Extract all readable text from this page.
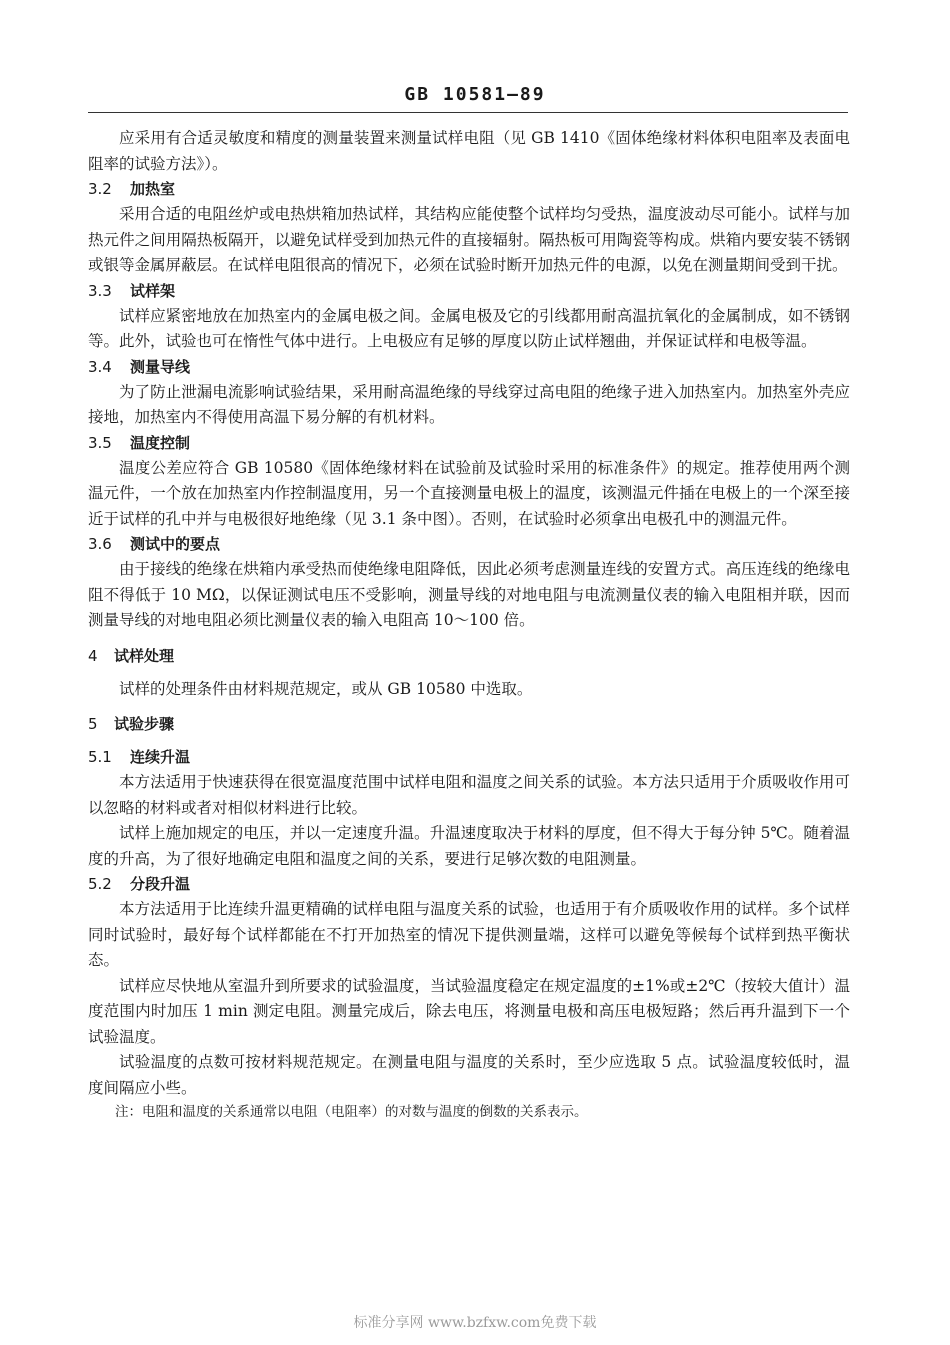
GB 10581—89

应采用有合适灵敏度和精度的测量装置来测量试样电阻（见 GB 1410《固体绝缘材料体积电阻率及表面电阻率的试验方法》）。

3.2 加热室

采用合适的电阻丝炉或电热烘箱加热试样，其结构应能使整个试样均匀受热，温度波动尽可能小。试样与加热元件之间用隔热板隔开，以避免试样受到加热元件的直接辐射。隔热板可用陶瓷等构成。烘箱内要安装不锈钢或银等金属屏蔽层。在试样电阻很高的情况下，必须在试验时断开加热元件的电源，以免在测量期间受到干扰。

3.3 试样架

试样应紧密地放在加热室内的金属电极之间。金属电极及它的引线都用耐高温抗氧化的金属制成，如不锈钢等。此外，试验也可在惰性气体中进行。上电极应有足够的厚度以防止试样翘曲，并保证试样和电极等温。

3.4 测量导线

为了防止泄漏电流影响试验结果，采用耐高温绝缘的导线穿过高电阻的绝缘子进入加热室内。加热室外壳应接地，加热室内不得使用高温下易分解的有机材料。

3.5 温度控制

温度公差应符合 GB 10580《固体绝缘材料在试验前及试验时采用的标准条件》的规定。推荐使用两个测温元件，一个放在加热室内作控制温度用，另一个直接测量电极上的温度，该测温元件插在电极上的一个深至接近于试样的孔中并与电极很好地绝缘（见 3.1 条中图）。否则，在试验时必须拿出电极孔中的测温元件。

3.6 测试中的要点

由于接线的绝缘在烘箱内承受热而使绝缘电阻降低，因此必须考虑测量连线的安置方式。高压连线的绝缘电阻不得低于 10 MΩ，以保证测试电压不受影响，测量导线的对地电阻与电流测量仪表的输入电阻相并联，因而测量导线的对地电阻必须比测量仪表的输入电阻高 10～100 倍。

4 试样处理

试样的处理条件由材料规范规定，或从 GB 10580 中选取。

5 试验步骤
5.1 连续升温

本方法适用于快速获得在很宽温度范围中试样电阻和温度之间关系的试验。本方法只适用于介质吸收作用可以忽略的材料或者对相似材料进行比较。

试样上施加规定的电压，并以一定速度升温。升温速度取决于材料的厚度，但不得大于每分钟 5℃。随着温度的升高，为了很好地确定电阻和温度之间的关系，要进行足够次数的电阻测量。

5.2 分段升温

本方法适用于比连续升温更精确的试样电阻与温度关系的试验，也适用于有介质吸收作用的试样。多个试样同时试验时，最好每个试样都能在不打开加热室的情况下提供测量端，这样可以避免等候每个试样到热平衡状态。

试样应尽快地从室温升到所要求的试验温度，当试验温度稳定在规定温度的±1%或±2℃（按较大值计）温度范围内时加压 1 min 测定电阻。测量完成后，除去电压，将测量电极和高压电极短路；然后再升温到下一个试验温度。

试验温度的点数可按材料规范规定。在测量电阻与温度的关系时，至少应选取 5 点。试验温度较低时，温度间隔应小些。

注：电阻和温度的关系通常以电阻（电阻率）的对数与温度的倒数的关系表示。

标准分享网 www.bzfxw.com免费下载
